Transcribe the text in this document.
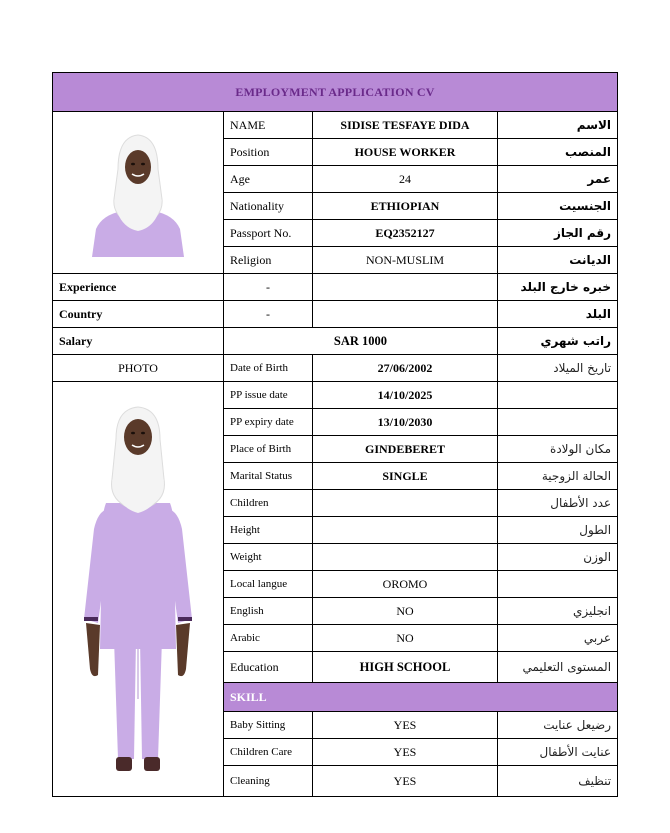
EMPLOYMENT APPLICATION CV			

	NAME	SIDISE TESFAYE DIDA	الاسم
	Position	HOUSE WORKER	المنصب
	Age	24	عمر
	Nationality	ETHIOPIAN	الجنسيت
	Passport No.	EQ2352127	رقم الجاز
	Religion	NON-MUSLIM	الديانت
Experience	-		خبره خارج البلد
Country	-		البلد
Salary	SAR 1000		راتب شهري
PHOTO	Date of Birth	27/06/2002	تاريخ الميلاد

	PP issue date	14/10/2025	
	PP expiry date	13/10/2030	
	Place of Birth	GINDEBERET	مكان الولادة
	Marital Status	SINGLE	الحالة الزوجية
	Children		عدد الأطفال
	Height		الطول
	Weight		الوزن
	Local langue	OROMO	
	English	NO	انجليزي
	Arabic	NO	عربي
	Education	HIGH SCHOOL	المستوى التعليمي
	SKILL		
	Baby Sitting	YES	رضيعل عنايت
	Children Care	YES	عنايت الأطفال
	Cleaning	YES	تنظيف
